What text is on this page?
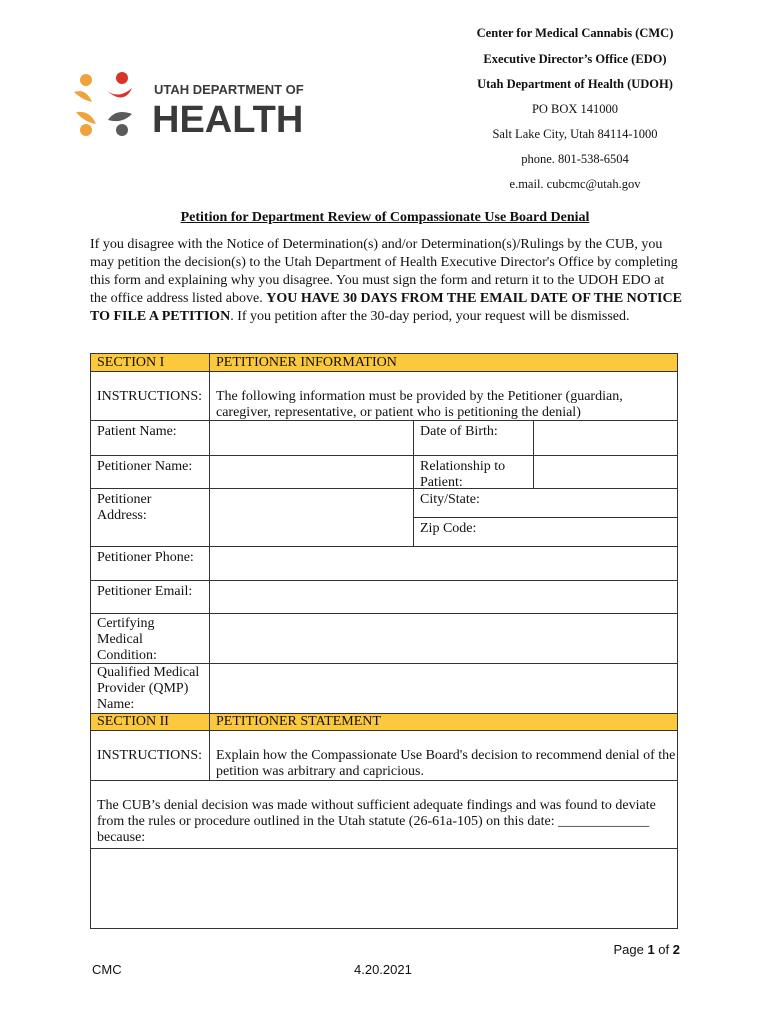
UTAH DEPARTMENT OF
HEALTH
Center for Medical Cannabis (CMC)
Executive Director’s Office (EDO)
Utah Department of Health (UDOH)
PO BOX 141000
Salt Lake City, Utah 84114-1000
phone. 801-538-6504
e.mail. cubcmc@utah.gov
Petition for Department Review of Compassionate Use Board Denial
If you disagree with the Notice of Determination(s) and/or Determination(s)/Rulings by the CUB, you may petition the decision(s) to the Utah Department of Health Executive Director's Office by completing this form and explaining why you disagree. You must sign the form and return it to the UDOH EDO at the office address listed above. YOU HAVE 30 DAYS FROM THE EMAIL DATE OF THE NOTICE TO FILE A PETITION. If you petition after the 30-day period, your request will be dismissed.
SECTION I	PETITIONER INFORMATION
INSTRUCTIONS: The following information must be provided by the Petitioner (guardian, caregiver, representative, or patient who is petitioning the denial)
Patient Name:	Date of Birth:
Petitioner Name:	Relationship to Patient:
Petitioner Address:
City/State:
Zip Code:
Petitioner Phone:
Petitioner Email:
Certifying Medical Condition:
Qualified Medical Provider (QMP) Name:
SECTION II	PETITIONER STATEMENT
INSTRUCTIONS: Explain how the Compassionate Use Board's decision to recommend denial of the petition was arbitrary and capricious.
The CUB’s denial decision was made without sufficient adequate findings and was found to deviate from the rules or procedure outlined in the Utah statute (26-61a-105) on this date: _____________ because:
Page 1 of 2
CMC	4.20.2021
